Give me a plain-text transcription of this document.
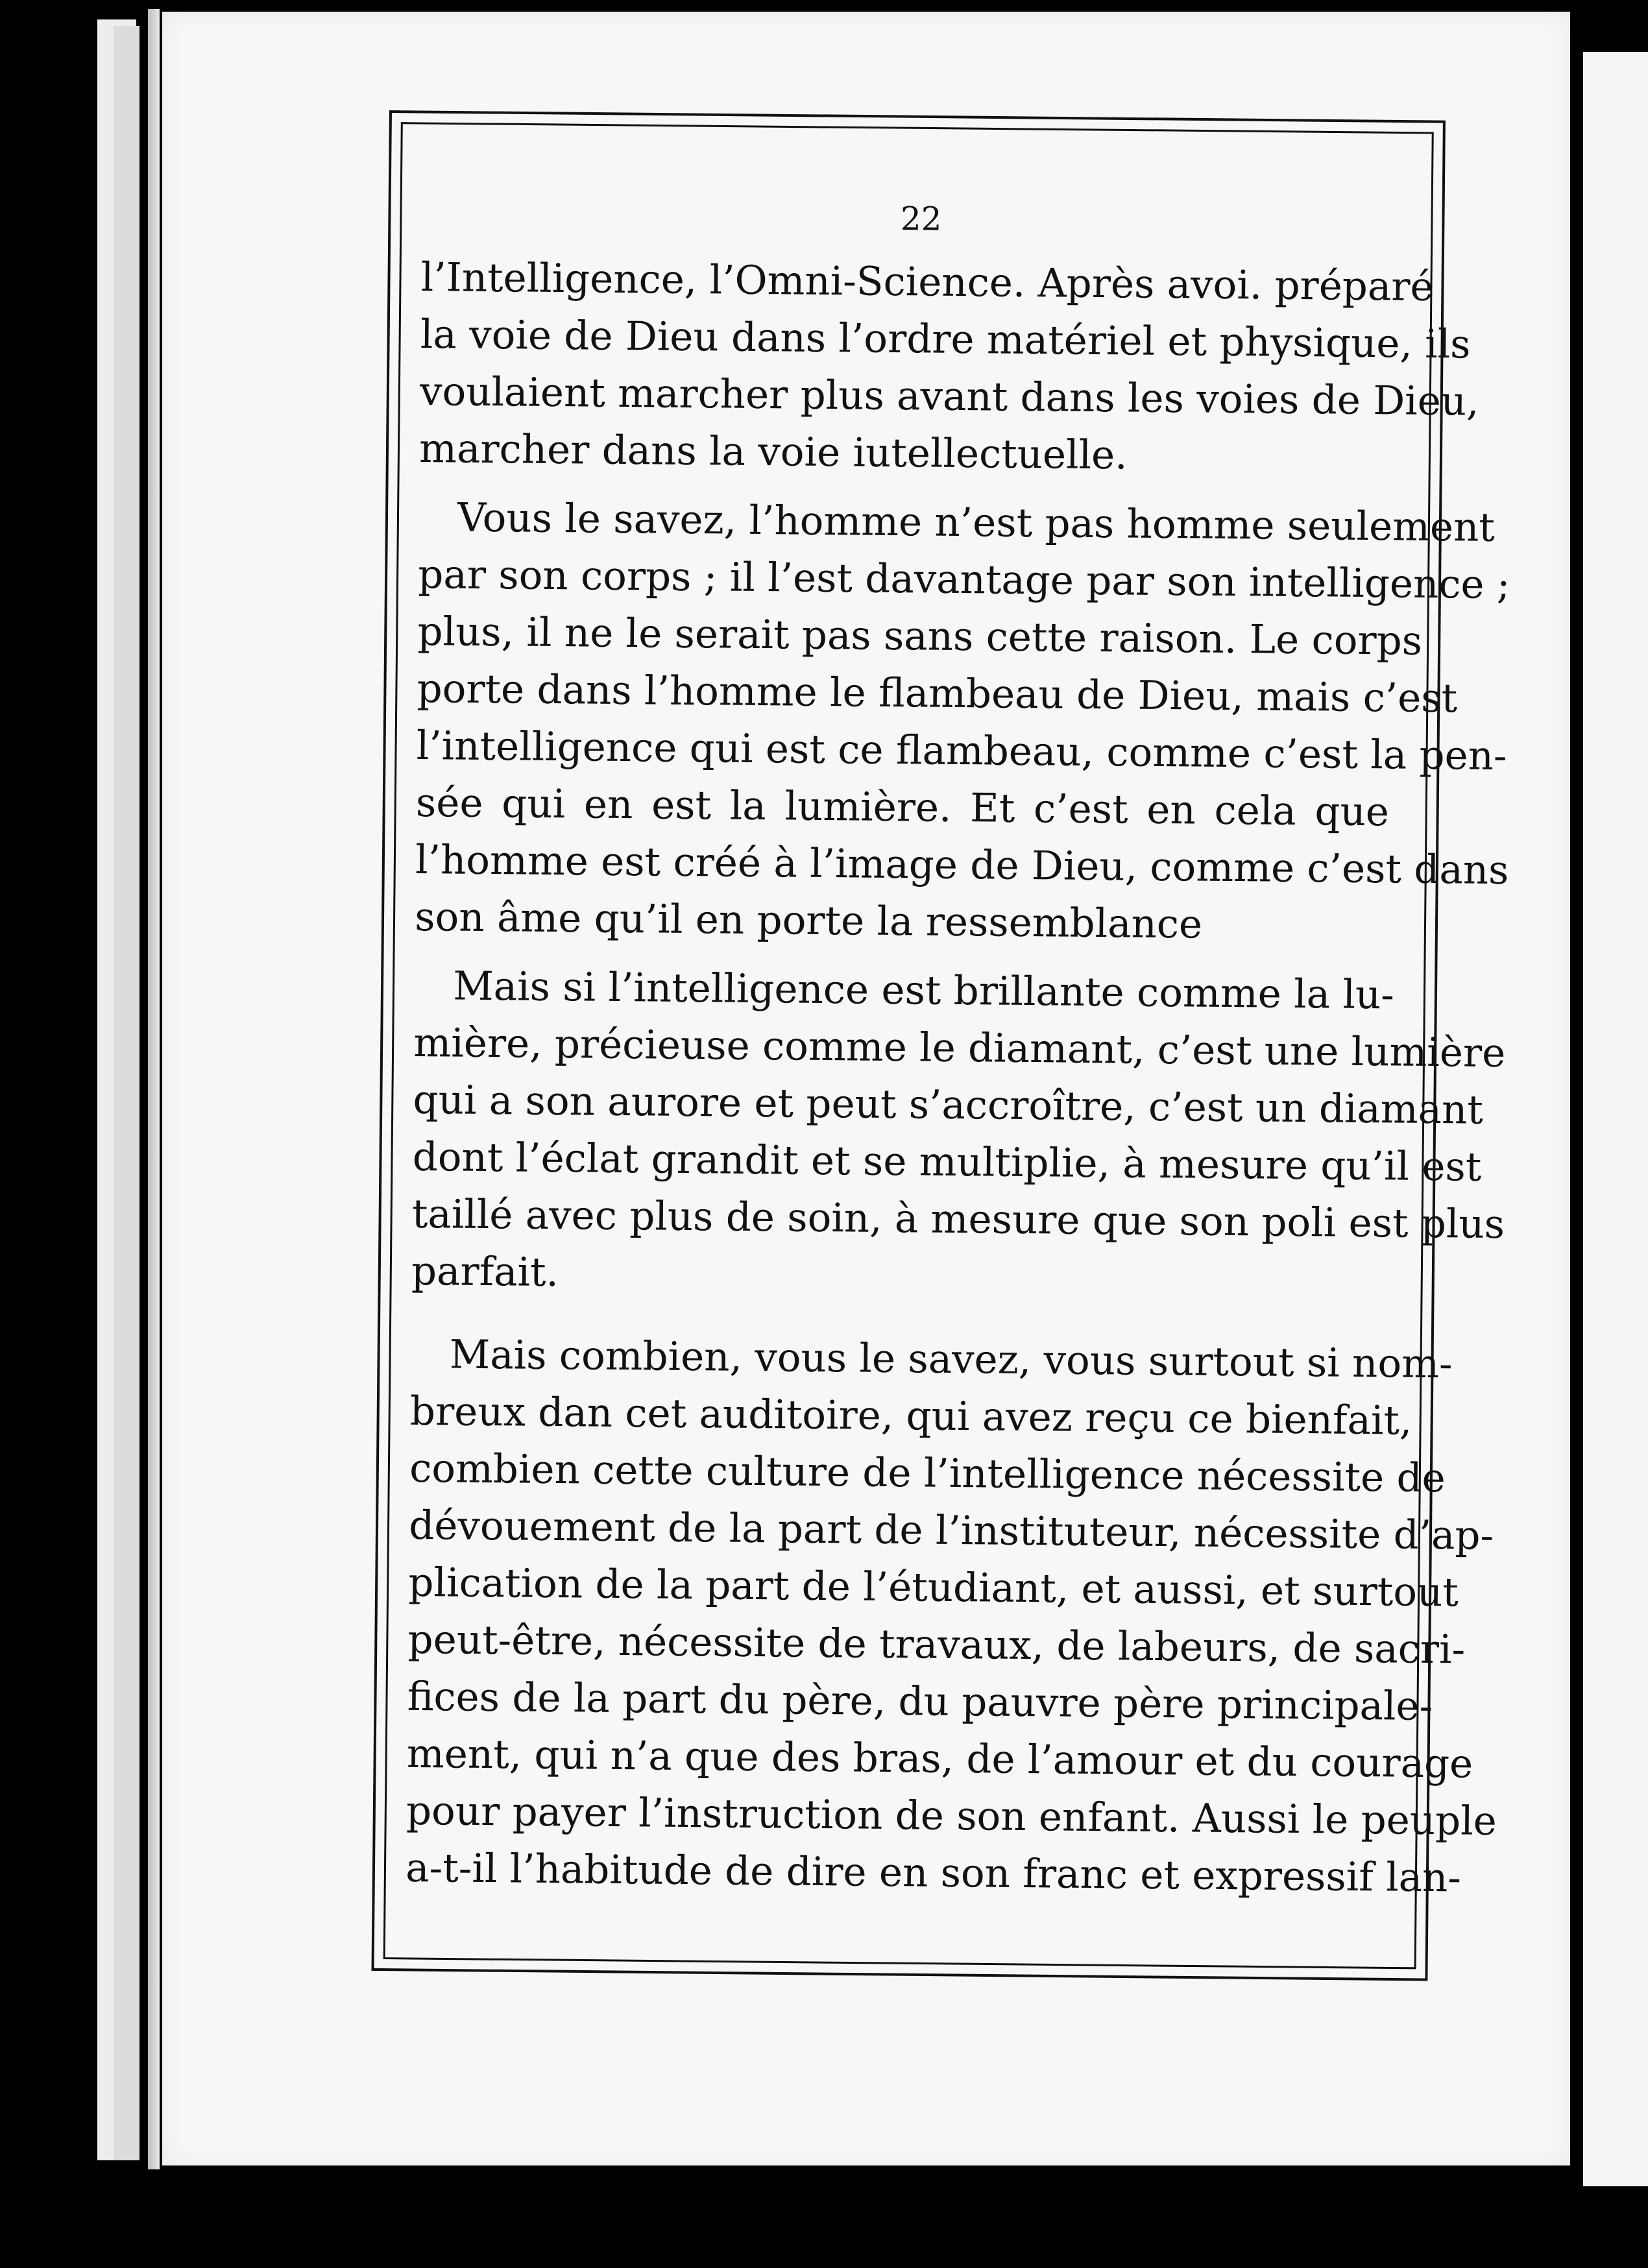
22
l’Intelligence, l’Omni-Science. Après avoi. préparé
la voie de Dieu dans l’ordre matériel et physique, ils
voulaient marcher plus avant dans les voies de Dieu,
marcher dans la voie iutellectuelle.
Vous le savez, l’homme n’est pas homme seulement
par son corps ; il l’est davantage par son intelligence ;
plus, il ne le serait pas sans cette raison. Le corps
porte dans l’homme le flambeau de Dieu, mais c’est
l’intelligence qui est ce flambeau, comme c’est la pen-
sée qui en est la lumière. Et c’est en cela que
l’homme est créé à l’image de Dieu, comme c’est dans
son âme qu’il en porte la ressemblance
Mais si l’intelligence est brillante comme la lu-
mière, précieuse comme le diamant, c’est une lumière
qui a son aurore et peut s’accroître, c’est un diamant
dont l’éclat grandit et se multiplie, à mesure qu’il est
taillé avec plus de soin, à mesure que son poli est plus
parfait.
Mais combien, vous le savez, vous surtout si nom-
breux dan cet auditoire, qui avez reçu ce bienfait,
combien cette culture de l’intelligence nécessite de
dévouement de la part de l’instituteur, nécessite d’ap-
plication de la part de l’étudiant, et aussi, et surtout
peut-être, nécessite de travaux, de labeurs, de sacri-
fices de la part du père, du pauvre père principale-
ment, qui n’a que des bras, de l’amour et du courage
pour payer l’instruction de son enfant. Aussi le peuple
a-t-il l’habitude de dire en son franc et expressif lan-
